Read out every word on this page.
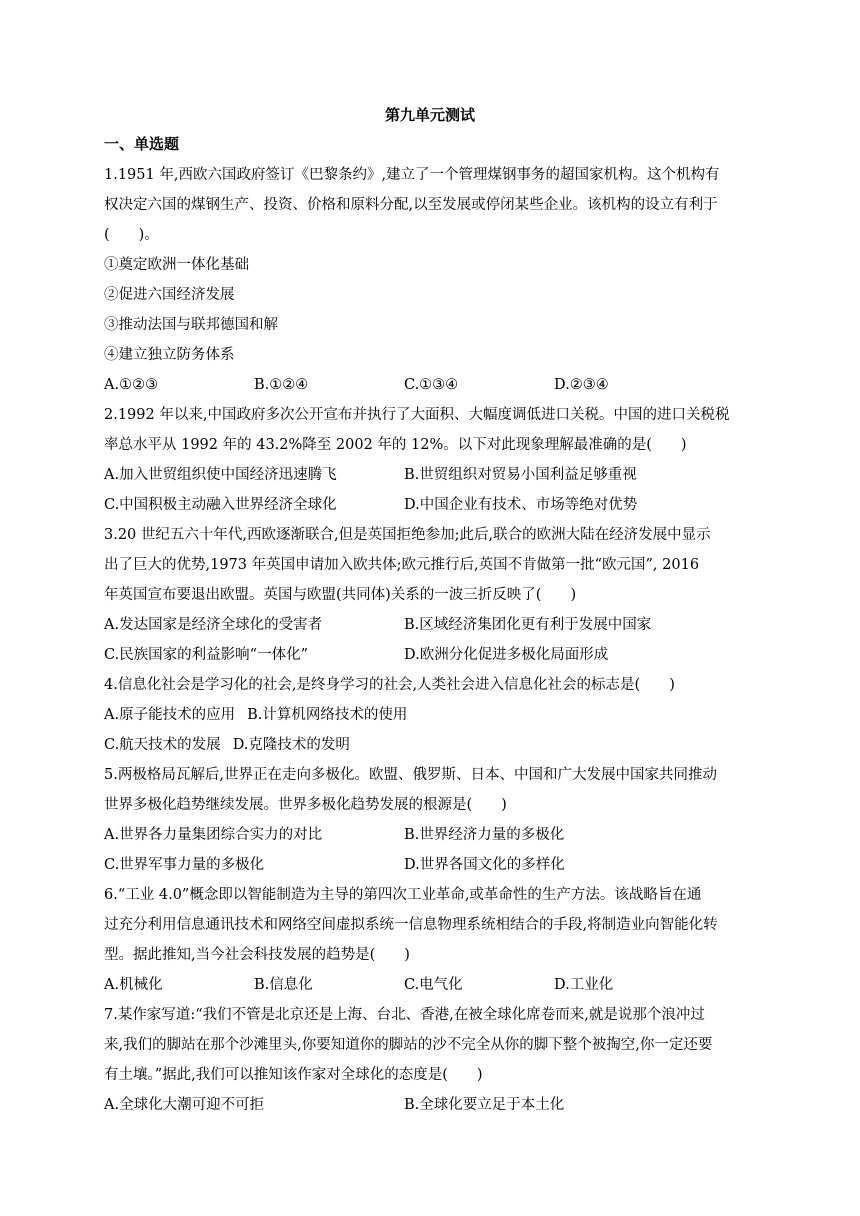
第九单元测试
一、单选题
1.1951 年,西欧六国政府签订《巴黎条约》,建立了一个管理煤钢事务的超国家机构。这个机构有
权决定六国的煤钢生产、投资、价格和原料分配,以至发展或停闭某些企业。该机构的设立有利于
(　　)。
①奠定欧洲一体化基础
②促进六国经济发展
③推动法国与联邦德国和解
④建立独立防务体系
A.①②③	B.①②④	C.①③④	D.②③④
2.1992 年以来,中国政府多次公开宣布并执行了大面积、大幅度调低进口关税。中国的进口关税税
率总水平从 1992 年的 43.2%降至 2002 年的 12%。以下对此现象理解最准确的是(　　)
A.加入世贸组织使中国经济迅速腾飞	B.世贸组织对贸易小国利益足够重视
C.中国积极主动融入世界经济全球化	D.中国企业有技术、市场等绝对优势
3.20 世纪五六十年代,西欧逐渐联合,但是英国拒绝参加;此后,联合的欧洲大陆在经济发展中显示
出了巨大的优势,1973 年英国申请加入欧共体;欧元推行后,英国不肯做第一批“欧元国”, 2016
年英国宣布要退出欧盟。英国与欧盟(共同体)关系的一波三折反映了(　　)
A.发达国家是经济全球化的受害者	B.区域经济集团化更有利于发展中国家
C.民族国家的利益影响“一体化”	D.欧洲分化促进多极化局面形成
4.信息化社会是学习化的社会,是终身学习的社会,人类社会进入信息化社会的标志是(　　)
A.原子能技术的应用 B.计算机网络技术的使用
C.航天技术的发展 D.克隆技术的发明
5.两极格局瓦解后,世界正在走向多极化。欧盟、俄罗斯、日本、中国和广大发展中国家共同推动
世界多极化趋势继续发展。世界多极化趋势发展的根源是(　　)
A.世界各力量集团综合实力的对比	B.世界经济力量的多极化
C.世界军事力量的多极化	D.世界各国文化的多样化
6.“工业 4.0”概念即以智能制造为主导的第四次工业革命,或革命性的生产方法。该战略旨在通
过充分利用信息通讯技术和网络空间虚拟系统一信息物理系统相结合的手段,将制造业向智能化转
型。据此推知,当今社会科技发展的趋势是(　　)
A.机械化	B.信息化	C.电气化	D.工业化
7.某作家写道:“我们不管是北京还是上海、台北、香港,在被全球化席卷而来,就是说那个浪冲过
来,我们的脚站在那个沙滩里头,你要知道你的脚站的沙不完全从你的脚下整个被掏空,你一定还要
有土壤。”据此,我们可以推知该作家对全球化的态度是(　　)
A.全球化大潮可迎不可拒	B.全球化要立足于本土化
